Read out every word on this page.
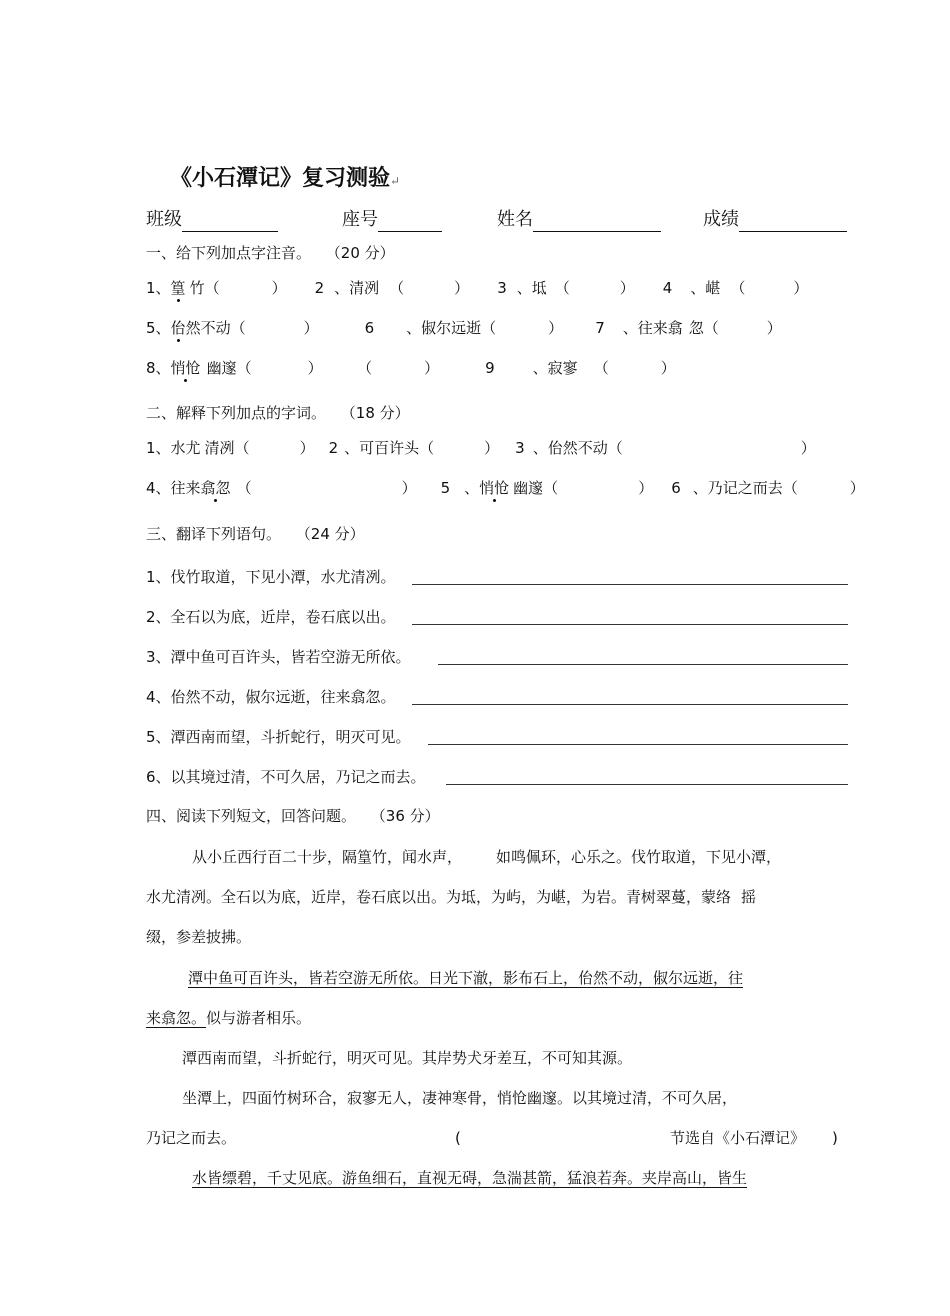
《小石潭记》复习测验↵
班级	座号	姓名	成绩
一、给下列加点字注音。 （20 分）
1、篁 竹（	） 2 、清冽 （	） 3 、坻 （	） 4 、嵁 （	）
5、佁然不动（	）	6 、俶尔远逝（	） 7 、往来翕 忽（	）
8、悄怆 幽邃（	）	（	）	9	、寂寥 （	）
二、解释下列加点的字词。 （18 分）
1、水尤 清冽（	） 2 、可百许头（	） 3 、佁然不动（	）
4、往来翕忽 （	） 5 、悄怆 幽邃（	） 6 、乃记之而去（	）
三、翻译下列语句。 （24 分）
1、伐竹取道，下见小潭，水尤清冽。
2、全石以为底，近岸，卷石底以出。
3、潭中鱼可百许头，皆若空游无所依。
4、佁然不动，俶尔远逝，往来翕忽。
5、潭西南而望，斗折蛇行，明灭可见。
6、以其境过清，不可久居，乃记之而去。
四、阅读下列短文，回答问题。 （36 分）
从小丘西行百二十步，隔篁竹，闻水声， 如鸣佩环，心乐之。伐竹取道，下见小潭，
水尤清冽。全石以为底，近岸，卷石底以出。为坻，为屿，为嵁，为岩。青树翠蔓，蒙络 摇
缀，参差披拂。
潭中鱼可百许头，皆若空游无所依。日光下澈，影布石上，佁然不动，俶尔远逝，往
来翕忽。似与游者相乐。
潭西南而望，斗折蛇行，明灭可见。其岸势犬牙差互，不可知其源。
坐潭上，四面竹树环合，寂寥无人，凄神寒骨，悄怆幽邃。以其境过清，不可久居，
乃记之而去。	(	节选自《小石潭记》 )
水皆缥碧，千丈见底。游鱼细石，直视无碍，急湍甚箭，猛浪若奔。夹岸高山，皆生
